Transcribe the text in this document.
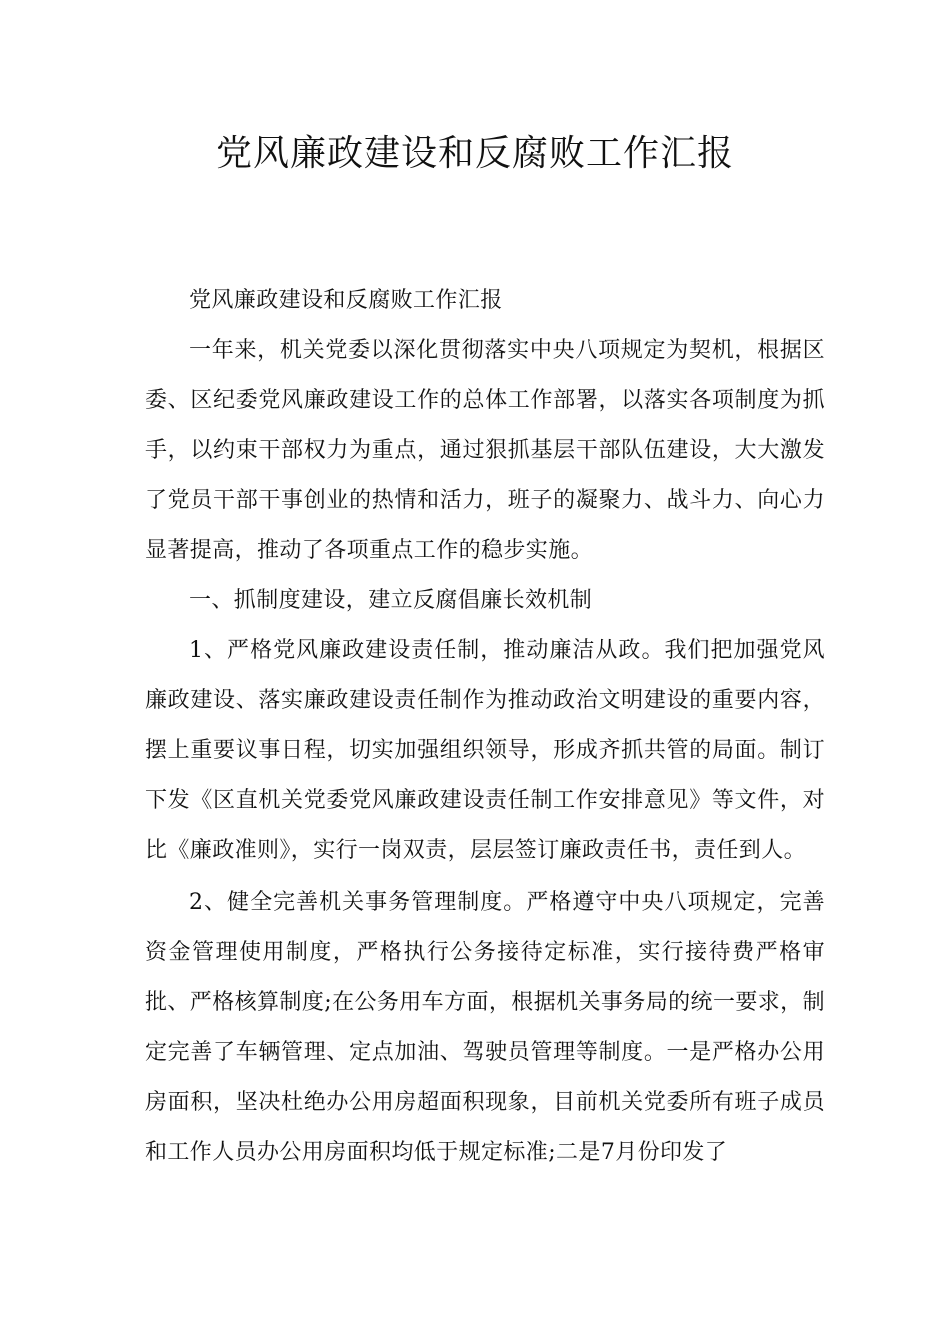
党风廉政建设和反腐败工作汇报

党风廉政建设和反腐败工作汇报

一年来，机关党委以深化贯彻落实中央八项规定为契机，根据区委、区纪委党风廉政建设工作的总体工作部署，以落实各项制度为抓手，以约束干部权力为重点，通过狠抓基层干部队伍建设，大大激发了党员干部干事创业的热情和活力，班子的凝聚力、战斗力、向心力显著提高，推动了各项重点工作的稳步实施。

一、抓制度建设，建立反腐倡廉长效机制

1、严格党风廉政建设责任制，推动廉洁从政。我们把加强党风廉政建设、落实廉政建设责任制作为推动政治文明建设的重要内容，摆上重要议事日程，切实加强组织领导，形成齐抓共管的局面。制订下发《区直机关党委党风廉政建设责任制工作安排意见》等文件，对比《廉政准则》，实行一岗双责，层层签订廉政责任书，责任到人。

2、健全完善机关事务管理制度。严格遵守中央八项规定，完善资金管理使用制度，严格执行公务接待定标准，实行接待费严格审批、严格核算制度;在公务用车方面，根据机关事务局的统一要求，制定完善了车辆管理、定点加油、驾驶员管理等制度。一是严格办公用房面积，坚决杜绝办公用房超面积现象，目前机关党委所有班子成员和工作人员办公用房面积均低于规定标准;二是7月份印发了
